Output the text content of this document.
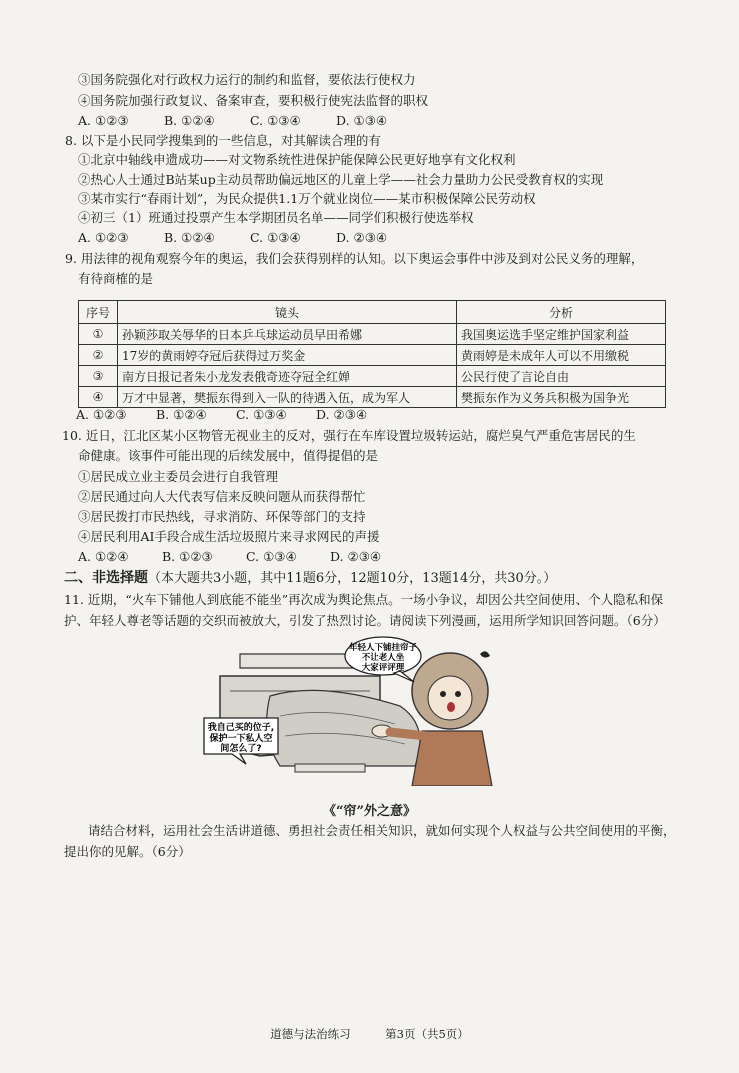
③国务院强化对行政权力运行的制约和监督，要依法行使权力
④国务院加强行政复议、备案审查，要积极行使宪法监督的职权
A. ①②③	B. ①②④	C. ①③④	D. ①③④
8. 以下是小民同学搜集到的一些信息，对其解读合理的有
①北京中轴线申遗成功——对文物系统性进保护能保障公民更好地享有文化权利
②热心人士通过B站某up主动员帮助偏远地区的儿童上学——社会力量助力公民受教育权的实现
③某市实行“春雨计划”，为民众提供1.1万个就业岗位——某市积极保障公民劳动权
④初三（1）班通过投票产生本学期团员名单——同学们积极行使选举权
A. ①②③	B. ①②④	C. ①③④	D. ②③④
9. 用法律的视角观察今年的奥运，我们会获得别样的认知。以下奥运会事件中涉及到对公民义务的理解，
有待商榷的是
序号	镜头	分析
①	孙颖莎取关辱华的日本乒乓球运动员早田希娜	我国奥运选手坚定维护国家利益
②	17岁的黄雨婷夺冠后获得过万奖金	黄雨婷是未成年人可以不用缴税
③	南方日报记者朱小龙发表俄奇迹夺冠全红婵	公民行使了言论自由
④	万才中显著，樊振东得到入一队的待遇入伍，成为军人	樊振东作为义务兵积极为国争光
A. ①②③ B. ①②④ C. ①③④ D. ②③④
10. 近日，江北区某小区物管无视业主的反对，强行在车库设置垃圾转运站，腐烂臭气严重危害居民的生
命健康。该事件可能出现的后续发展中，值得提倡的是
①居民成立业主委员会进行自我管理
②居民通过向人大代表写信来反映问题从而获得帮忙
③居民拨打市民热线，寻求消防、环保等部门的支持
④居民利用AI手段合成生活垃圾照片来寻求网民的声援
A. ①②④	B. ①②③	C. ①③④	D. ②③④
二、非选择题（本大题共3小题，其中11题6分，12题10分，13题14分，共30分。）
11. 近期，“火车下铺他人到底能不能坐”再次成为舆论焦点。一场小争议，却因公共空间使用、个人隐私和保护、年轻人尊老等话题的交织而被放大，引发了热烈讨论。请阅读下列漫画，运用所学知识回答问题。（6分）
我自己买的位子,
保护一下私人空
间怎么了?
年轻人下铺挂帘子
不让老人坐
大家评评理
《“帘”外之意》
请结合材料，运用社会生活讲道德、勇担社会责任相关知识，就如何实现个人权益与公共空间使用的平衡，提出你的见解。（6分）
道德与法治练习　　　第3页（共5页）
